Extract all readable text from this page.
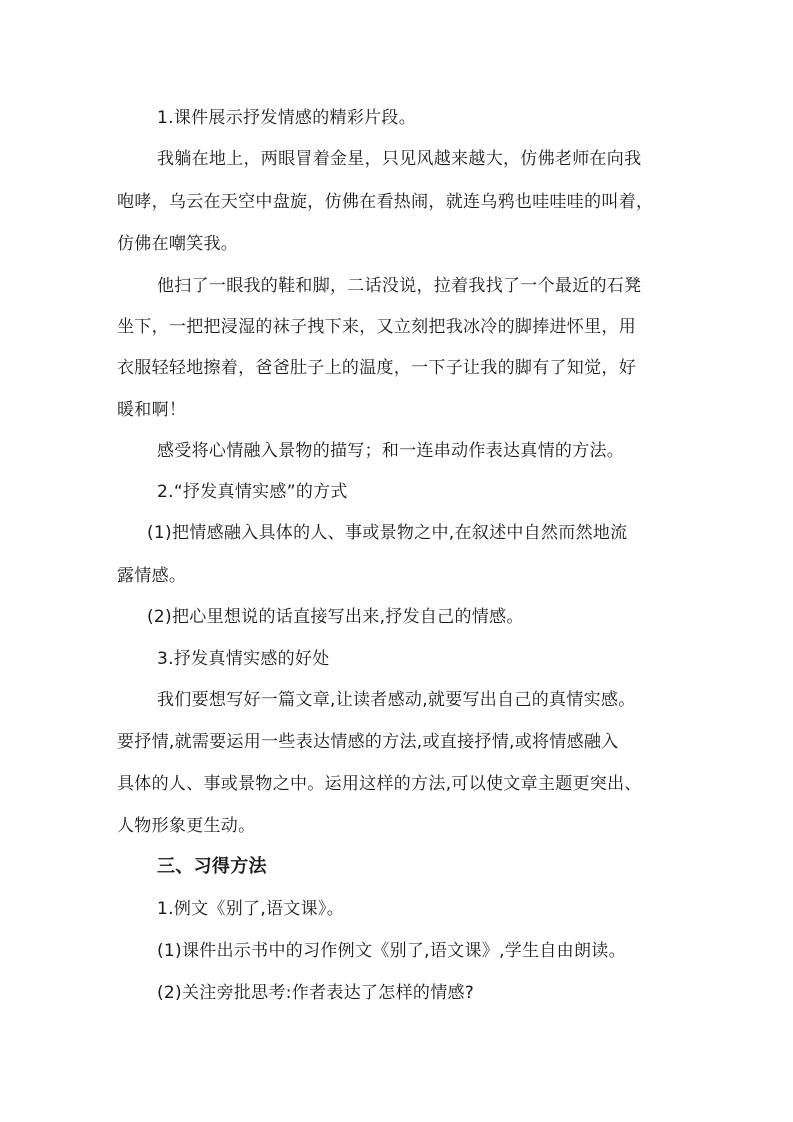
1.课件展示抒发情感的精彩片段。
我躺在地上，两眼冒着金星，只见风越来越大，仿佛老师在向我
咆哮，乌云在天空中盘旋，仿佛在看热闹，就连乌鸦也哇哇哇的叫着，
仿佛在嘲笑我。
他扫了一眼我的鞋和脚，二话没说，拉着我找了一个最近的石凳
坐下，一把把浸湿的袜子拽下来，又立刻把我冰冷的脚捧进怀里，用
衣服轻轻地擦着，爸爸肚子上的温度，一下子让我的脚有了知觉，好
暖和啊！
感受将心情融入景物的描写；和一连串动作表达真情的方法。
2.“抒发真情实感”的方式
(1)把情感融入具体的人、事或景物之中,在叙述中自然而然地流
露情感。
(2)把心里想说的话直接写出来,抒发自己的情感。
3.抒发真情实感的好处
我们要想写好一篇文章,让读者感动,就要写出自己的真情实感。
要抒情,就需要运用一些表达情感的方法,或直接抒情,或将情感融入
具体的人、事或景物之中。运用这样的方法,可以使文章主题更突出、
人物形象更生动。
三、习得方法
1.例文《别了,语文课》。
(1)课件出示书中的习作例文《别了,语文课》,学生自由朗读。
(2)关注旁批思考:作者表达了怎样的情感?
